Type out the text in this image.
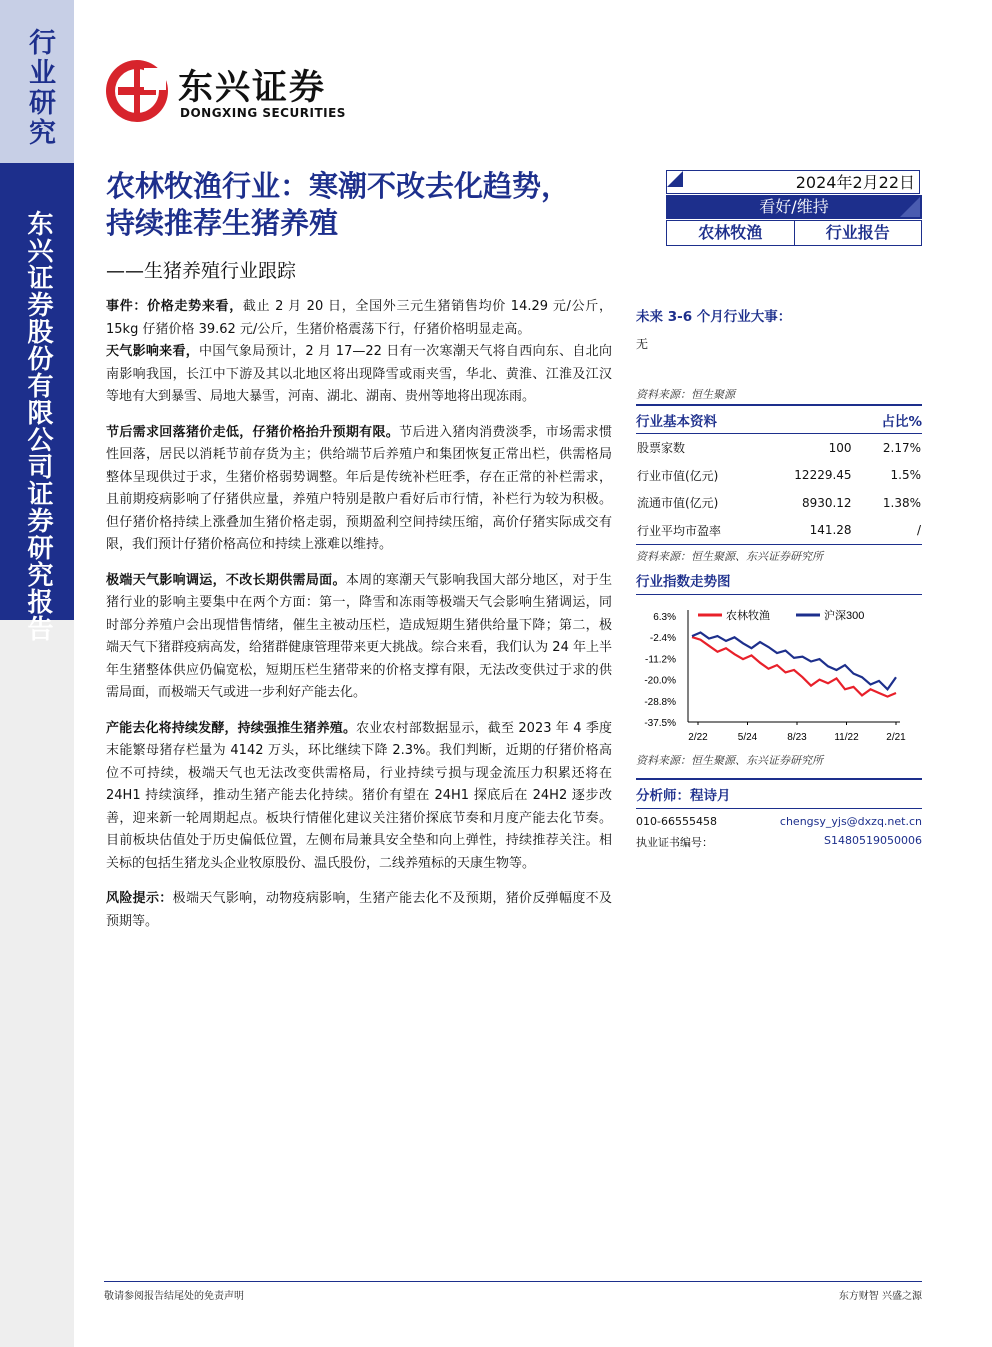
行业研究
东兴证券股份有限公司证券研究报告
东兴证券
DONGXING SECURITIES
农林牧渔行业：寒潮不改去化趋势，
持续推荐生猪养殖
——生猪养殖行业跟踪
2024年2月22日
看好/维持
农林牧渔	行业报告

事件：价格走势来看，截止 2 月 20 日，全国外三元生猪销售均价 14.29 元/公斤，15kg 仔猪价格 39.62 元/公斤，生猪价格震荡下行，仔猪价格明显走高。
天气影响来看，中国气象局预计，2 月 17—22 日有一次寒潮天气将自西向东、自北向南影响我国，长江中下游及其以北地区将出现降雪或雨夹雪，华北、黄淮、江淮及江汉等地有大到暴雪、局地大暴雪，河南、湖北、湖南、贵州等地将出现冻雨。

节后需求回落猪价走低，仔猪价格抬升预期有限。节后进入猪肉消费淡季，市场需求惯性回落，居民以消耗节前存货为主；供给端节后养殖户和集团恢复正常出栏，供需格局整体呈现供过于求，生猪价格弱势调整。年后是传统补栏旺季，存在正常的补栏需求，且前期疫病影响了仔猪供应量，养殖户特别是散户看好后市行情，补栏行为较为积极。但仔猪价格持续上涨叠加生猪价格走弱，预期盈利空间持续压缩，高价仔猪实际成交有限，我们预计仔猪价格高位和持续上涨难以维持。

极端天气影响调运，不改长期供需局面。本周的寒潮天气影响我国大部分地区，对于生猪行业的影响主要集中在两个方面：第一，降雪和冻雨等极端天气会影响生猪调运，同时部分养殖户会出现惜售情绪，催生主被动压栏，造成短期生猪供给量下降；第二，极端天气下猪群疫病高发，给猪群健康管理带来更大挑战。综合来看，我们认为 24 年上半年生猪整体供应仍偏宽松，短期压栏生猪带来的价格支撑有限，无法改变供过于求的供需局面，而极端天气或进一步利好产能去化。

产能去化将持续发酵，持续强推生猪养殖。农业农村部数据显示，截至 2023 年 4 季度末能繁母猪存栏量为 4142 万头，环比继续下降 2.3%。我们判断，近期的仔猪价格高位不可持续，极端天气也无法改变供需格局，行业持续亏损与现金流压力积累还将在 24H1 持续演绎，推动生猪产能去化持续。猪价有望在 24H1 探底后在 24H2 逐步改善，迎来新一轮周期起点。板块行情催化建议关注猪价探底节奏和月度产能去化节奏。目前板块估值处于历史偏低位置，左侧布局兼具安全垫和向上弹性，持续推荐关注。相关标的包括生猪龙头企业牧原股份、温氏股份，二线养殖标的天康生物等。

风险提示：极端天气影响，动物疫病影响，生猪产能去化不及预期，猪价反弹幅度不及预期等。

未来 3-6 个月行业大事：
无
资料来源：恒生聚源
行业基本资料	占比%
股票家数	100	2.17%
行业市值(亿元)	12229.45	1.5%
流通市值(亿元)	8930.12	1.38%
行业平均市盈率	141.28	/
资料来源：恒生聚源、东兴证券研究所
行业指数走势图
6.3%
-2.4%
-11.2%
-20.0%
-28.8%
-37.5%
2/22	5/24	8/23	11/22	2/21
农林牧渔	沪深300
资料来源：恒生聚源、东兴证券研究所
分析师：程诗月
010-66555458	chengsy_yjs@dxzq.net.cn
执业证书编号：	S1480519050006
敬请参阅报告结尾处的免责声明	东方财智 兴盛之源
